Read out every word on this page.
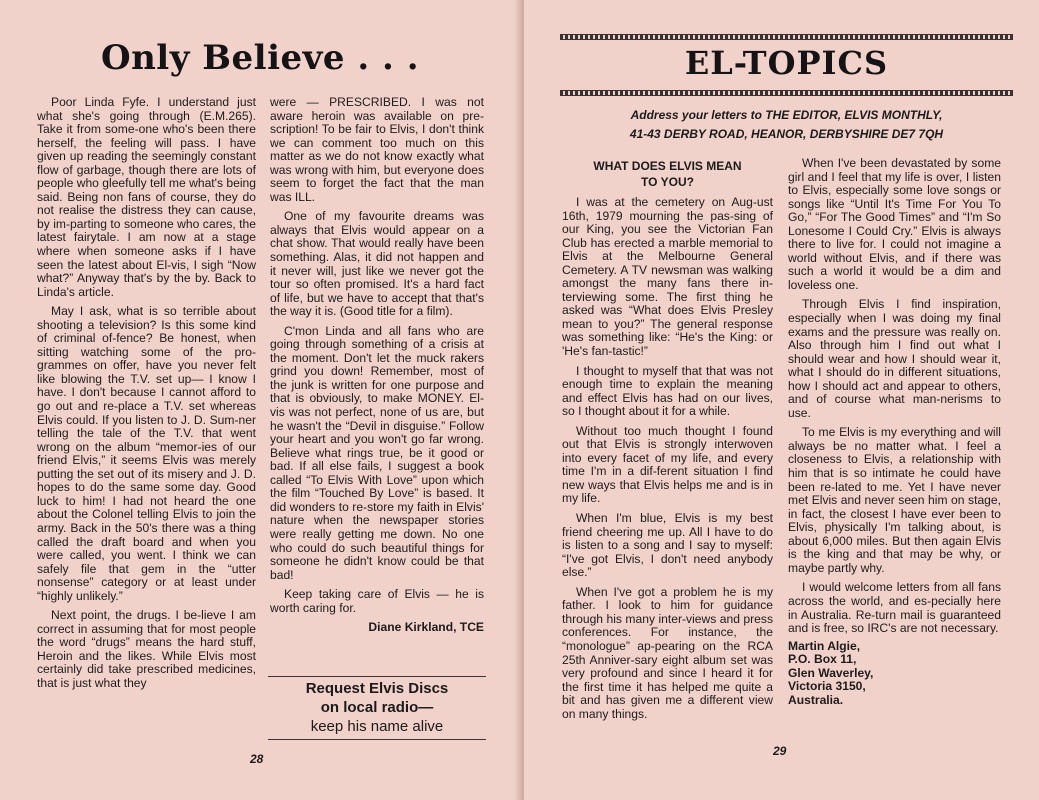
Only Believe . . .

Poor Linda Fyfe. I understand just what she's going through (E.M.265). Take it from some-one who's been there herself, the feeling will pass. I have given up reading the seemingly constant flow of garbage, though there are lots of people who gleefully tell me what's being said. Being non fans of course, they do not realise the distress they can cause, by im-parting to someone who cares, the latest fairytale. I am now at a stage where when someone asks if I have seen the latest about El-vis, I sigh “Now what?” Anyway that's by the by. Back to Linda's article.

May I ask, what is so terrible about shooting a television? Is this some kind of criminal of-fence? Be honest, when sitting watching some of the pro-grammes on offer, have you never felt like blowing the T.V. set up— I know I have. I don't because I cannot afford to go out and re-place a T.V. set whereas Elvis could. If you listen to J. D. Sum-ner telling the tale of the T.V. that went wrong on the album “memor-ies of our friend Elvis,” it seems Elvis was merely putting the set out of its misery and J. D. hopes to do the same some day. Good luck to him! I had not heard the one about the Colonel telling Elvis to join the army. Back in the 50's there was a thing called the draft board and when you were called, you went. I think we can safely file that gem in the “utter nonsense” category or at least under “highly unlikely.”

Next point, the drugs. I be-lieve I am correct in assuming that for most people the word “drugs” means the hard stuff, Heroin and the likes. While Elvis most certainly did take prescribed medicines, that is just what they

were — PRESCRIBED. I was not aware heroin was available on pre-scription! To be fair to Elvis, I don't think we can comment too much on this matter as we do not know exactly what was wrong with him, but everyone does seem to forget the fact that the man was ILL.

One of my favourite dreams was always that Elvis would appear on a chat show. That would really have been something. Alas, it did not happen and it never will, just like we never got the tour so often promised. It's a hard fact of life, but we have to accept that that's the way it is. (Good title for a film).

C'mon Linda and all fans who are going through something of a crisis at the moment. Don't let the muck rakers grind you down! Remember, most of the junk is written for one purpose and that is obviously, to make MONEY. El-vis was not perfect, none of us are, but he wasn't the “Devil in disguise.” Follow your heart and you won't go far wrong. Believe what rings true, be it good or bad. If all else fails, I suggest a book called “To Elvis With Love” upon which the film “Touched By Love” is based. It did wonders to re-store my faith in Elvis' nature when the newspaper stories were really getting me down. No one who could do such beautiful things for someone he didn't know could be that bad!

Keep taking care of Elvis — he is worth caring for.

Diane Kirkland, TCE

Request Elvis Discs
on local radio—
keep his name alive
28
EL-TOPICS
Address your letters to THE EDITOR, ELVIS MONTHLY,
41-43 DERBY ROAD, HEANOR, DERBYSHIRE DE7 7QH
WHAT DOES ELVIS MEAN
TO YOU?

I was at the cemetery on Aug-ust 16th, 1979 mourning the pas-sing of our King, you see the Victorian Fan Club has erected a marble memorial to Elvis at the Melbourne General Cemetery. A TV newsman was walking amongst the many fans there in-terviewing some. The first thing he asked was “What does Elvis Presley mean to you?” The general response was something like: “He's the King: or 'He's fan-tastic!”

I thought to myself that that was not enough time to explain the meaning and effect Elvis has had on our lives, so I thought about it for a while.

Without too much thought I found out that Elvis is strongly interwoven into every facet of my life, and every time I'm in a dif-ferent situation I find new ways that Elvis helps me and is in my life.

When I'm blue, Elvis is my best friend cheering me up. All I have to do is listen to a song and I say to myself: “I've got Elvis, I don't need anybody else.”

When I've got a problem he is my father. I look to him for guidance through his many inter-views and press conferences. For instance, the “monologue” ap-pearing on the RCA 25th Anniver-sary eight album set was very profound and since I heard it for the first time it has helped me quite a bit and has given me a different view on many things.

When I've been devastated by some girl and I feel that my life is over, I listen to Elvis, especially some love songs or songs like “Until It's Time For You To Go,” “For The Good Times” and “I'm So Lonesome I Could Cry.” Elvis is always there to live for. I could not imagine a world without Elvis, and if there was such a world it would be a dim and loveless one.

Through Elvis I find inspiration, especially when I was doing my final exams and the pressure was really on. Also through him I find out what I should wear and how I should wear it, what I should do in different situations, how I should act and appear to others, and of course what man-nerisms to use.

To me Elvis is my everything and will always be no matter what. I feel a closeness to Elvis, a relationship with him that is so intimate he could have been re-lated to me. Yet I have never met Elvis and never seen him on stage, in fact, the closest I have ever been to Elvis, physically I'm talking about, is about 6,000 miles. But then again Elvis is the king and that may be why, or maybe partly why.

I would welcome letters from all fans across the world, and es-pecially here in Australia. Re-turn mail is guaranteed and is free, so IRC's are not necessary.

Martin Algie,
P.O. Box 11,
Glen Waverley,
Victoria 3150,
Australia.
29
